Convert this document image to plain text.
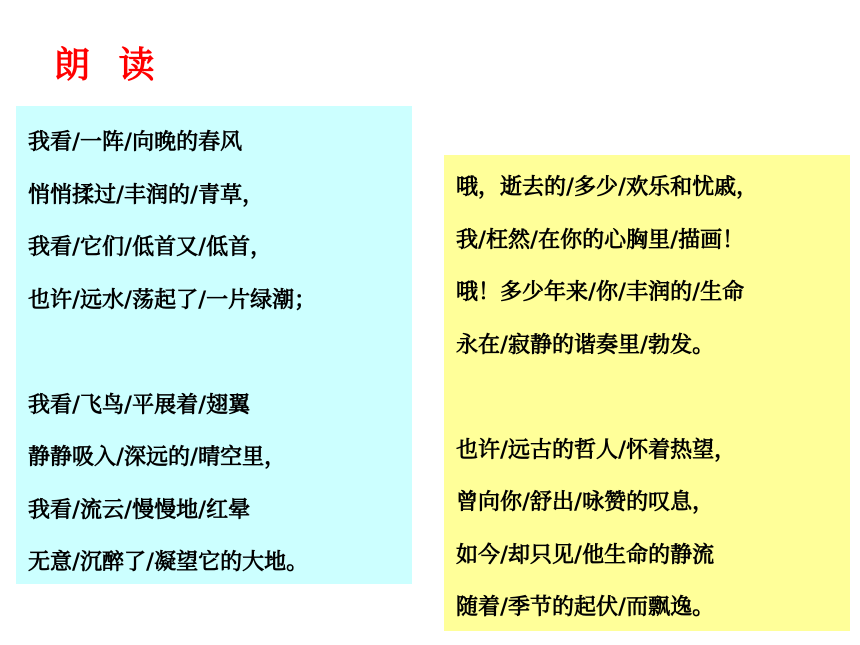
朗 读
我看/一阵/向晚的春风
悄悄揉过/丰润的/青草，
我看/它们/低首又/低首，
也许/远水/荡起了/一片绿潮；
我看/飞鸟/平展着/翅翼
静静吸入/深远的/晴空里，
我看/流云/慢慢地/红晕
无意/沉醉了/凝望它的大地。
哦，逝去的/多少/欢乐和忧戚，
我/枉然/在你的心胸里/描画！
哦！多少年来/你/丰润的/生命
永在/寂静的谐奏里/勃发。
也许/远古的哲人/怀着热望，
曾向你/舒出/咏赞的叹息，
如今/却只见/他生命的静流
随着/季节的起伏/而飘逸。
